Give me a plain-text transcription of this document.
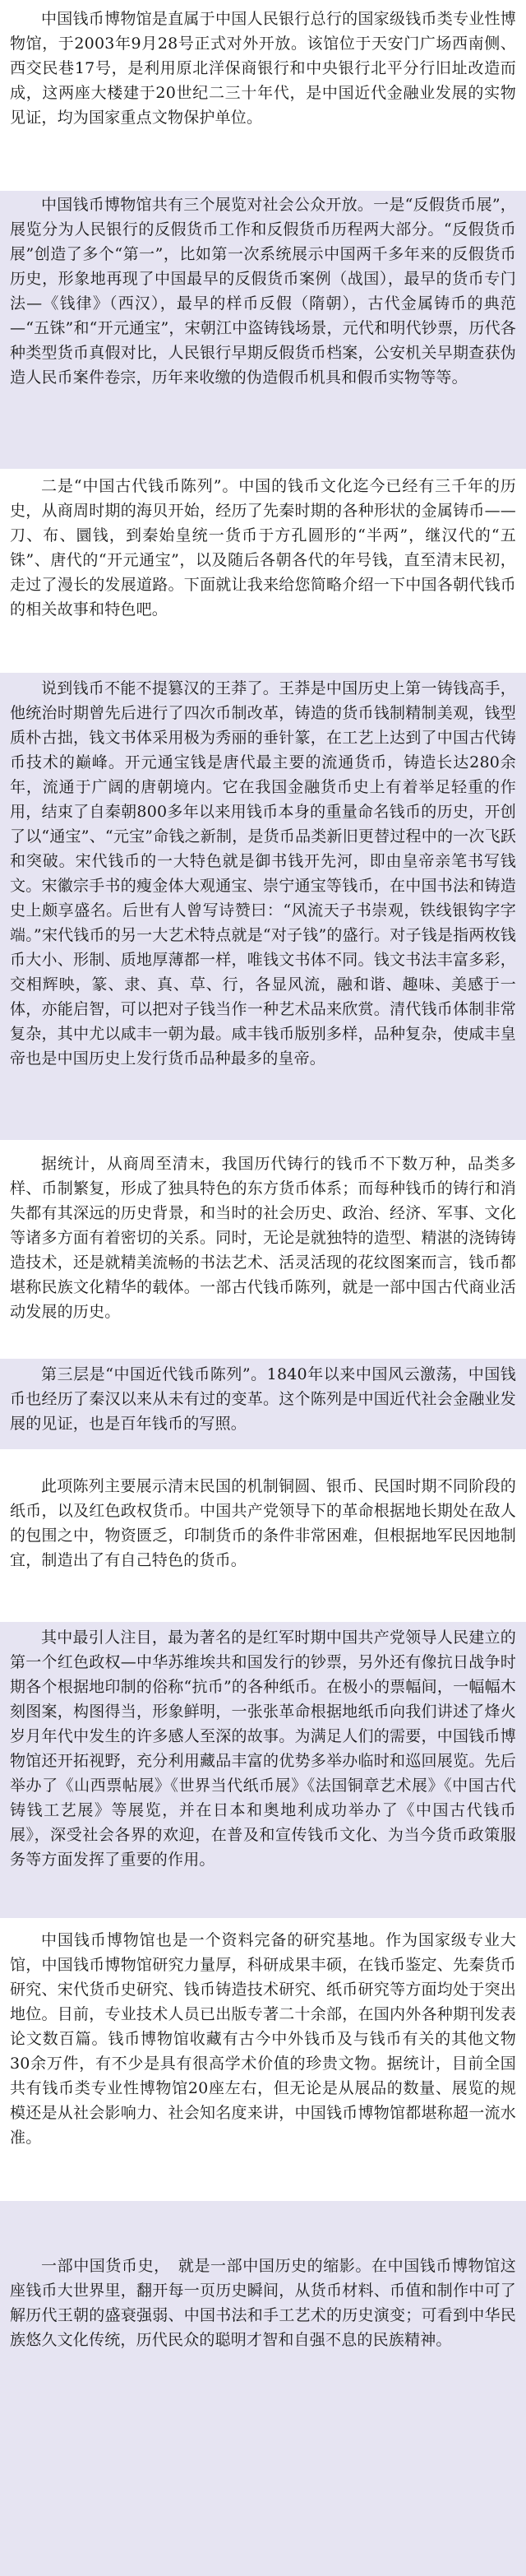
中国钱币博物馆是直属于中国人民银行总行的国家级钱币类专业性博物馆，于2003年9月28号正式对外开放。该馆位于天安门广场西南侧、西交民巷17号，是利用原北洋保商银行和中央银行北平分行旧址改造而成，这两座大楼建于20世纪二三十年代，是中国近代金融业发展的实物见证，均为国家重点文物保护单位。

中国钱币博物馆共有三个展览对社会公众开放。一是“反假货币展”，展览分为人民银行的反假货币工作和反假货币历程两大部分。“反假货币展”创造了多个“第一”，比如第一次系统展示中国两千多年来的反假货币历史，形象地再现了中国最早的反假货币案例（战国），最早的货币专门法—《钱律》（西汉），最早的样币反假（隋朝），古代金属铸币的典范—“五铢”和“开元通宝”，宋朝江中盗铸钱场景，元代和明代钞票，历代各种类型货币真假对比，人民银行早期反假货币档案，公安机关早期查获伪造人民币案件卷宗，历年来收缴的伪造假币机具和假币实物等等。

二是“中国古代钱币陈列”。中国的钱币文化迄今已经有三千年的历史，从商周时期的海贝开始，经历了先秦时期的各种形状的金属铸币——刀、布、圜钱，到秦始皇统一货币于方孔圆形的“半两”，继汉代的“五铢”、唐代的“开元通宝”，以及随后各朝各代的年号钱，直至清末民初，走过了漫长的发展道路。下面就让我来给您简略介绍一下中国各朝代钱币的相关故事和特色吧。

说到钱币不能不提篡汉的王莽了。王莽是中国历史上第一铸钱高手，他统治时期曾先后进行了四次币制改革，铸造的货币钱制精制美观，钱型质朴古拙，钱文书体采用极为秀丽的垂针篆，在工艺上达到了中国古代铸币技术的巅峰。开元通宝钱是唐代最主要的流通货币，铸造长达280余年，流通于广阔的唐朝境内。它在我国金融货币史上有着举足轻重的作用，结束了自秦朝800多年以来用钱币本身的重量命名钱币的历史，开创了以“通宝”、“元宝”命钱之新制，是货币品类新旧更替过程中的一次飞跃和突破。宋代钱币的一大特色就是御书钱开先河，即由皇帝亲笔书写钱文。宋徽宗手书的瘦金体大观通宝、崇宁通宝等钱币，在中国书法和铸造史上颇享盛名。后世有人曾写诗赞曰：“风流天子书崇观，铁线银钩字字端。”宋代钱币的另一大艺术特点就是“对子钱”的盛行。对子钱是指两枚钱币大小、形制、质地厚薄都一样，唯钱文书体不同。钱文书法丰富多彩，交相辉映，篆、隶、真、草、行，各显风流，融和谐、趣味、美感于一体，亦能启智，可以把对子钱当作一种艺术品来欣赏。清代钱币体制非常复杂，其中尤以咸丰一朝为最。咸丰钱币版别多样，品种复杂，使咸丰皇帝也是中国历史上发行货币品种最多的皇帝。

据统计，从商周至清末，我国历代铸行的钱币不下数万种，品类多样、币制繁复，形成了独具特色的东方货币体系；而每种钱币的铸行和消失都有其深远的历史背景，和当时的社会历史、政治、经济、军事、文化等诸多方面有着密切的关系。同时，无论是就独特的造型、精湛的浇铸铸造技术，还是就精美流畅的书法艺术、活灵活现的花纹图案而言，钱币都堪称民族文化精华的载体。一部古代钱币陈列，就是一部中国古代商业活动发展的历史。

第三层是“中国近代钱币陈列”。1840年以来中国风云激荡，中国钱币也经历了秦汉以来从未有过的变革。这个陈列是中国近代社会金融业发展的见证，也是百年钱币的写照。

此项陈列主要展示清末民国的机制铜圆、银币、民国时期不同阶段的纸币，以及红色政权货币。中国共产党领导下的革命根据地长期处在敌人的包围之中，物资匮乏，印制货币的条件非常困难，但根据地军民因地制宜，制造出了有自己特色的货币。

其中最引人注目，最为著名的是红军时期中国共产党领导人民建立的第一个红色政权—中华苏维埃共和国发行的钞票，另外还有像抗日战争时期各个根据地印制的俗称“抗币”的各种纸币。在极小的票幅间，一幅幅木刻图案，构图得当，形象鲜明，一张张革命根据地纸币向我们讲述了烽火岁月年代中发生的许多感人至深的故事。为满足人们的需要，中国钱币博物馆还开拓视野，充分利用藏品丰富的优势多举办临时和巡回展览。先后举办了《山西票帖展》《世界当代纸币展》《法国铜章艺术展》《中国古代铸钱工艺展》等展览，并在日本和奥地利成功举办了《中国古代钱币展》，深受社会各界的欢迎，在普及和宣传钱币文化、为当今货币政策服务等方面发挥了重要的作用。

中国钱币博物馆也是一个资料完备的研究基地。作为国家级专业大馆，中国钱币博物馆研究力量厚，科研成果丰硕，在钱币鉴定、先秦货币研究、宋代货币史研究、钱币铸造技术研究、纸币研究等方面均处于突出地位。目前，专业技术人员已出版专著二十余部，在国内外各种期刊发表论文数百篇。钱币博物馆收藏有古今中外钱币及与钱币有关的其他文物30余万件，有不少是具有很高学术价值的珍贵文物。据统计，目前全国共有钱币类专业性博物馆20座左右，但无论是从展品的数量、展览的规模还是从社会影响力、社会知名度来讲，中国钱币博物馆都堪称超一流水准。

一部中国货币史，　就是一部中国历史的缩影。在中国钱币博物馆这座钱币大世界里，翻开每一页历史瞬间，从货币材料、币值和制作中可了解历代王朝的盛衰强弱、中国书法和手工艺术的历史演变；可看到中华民族悠久文化传统，历代民众的聪明才智和自强不息的民族精神。
